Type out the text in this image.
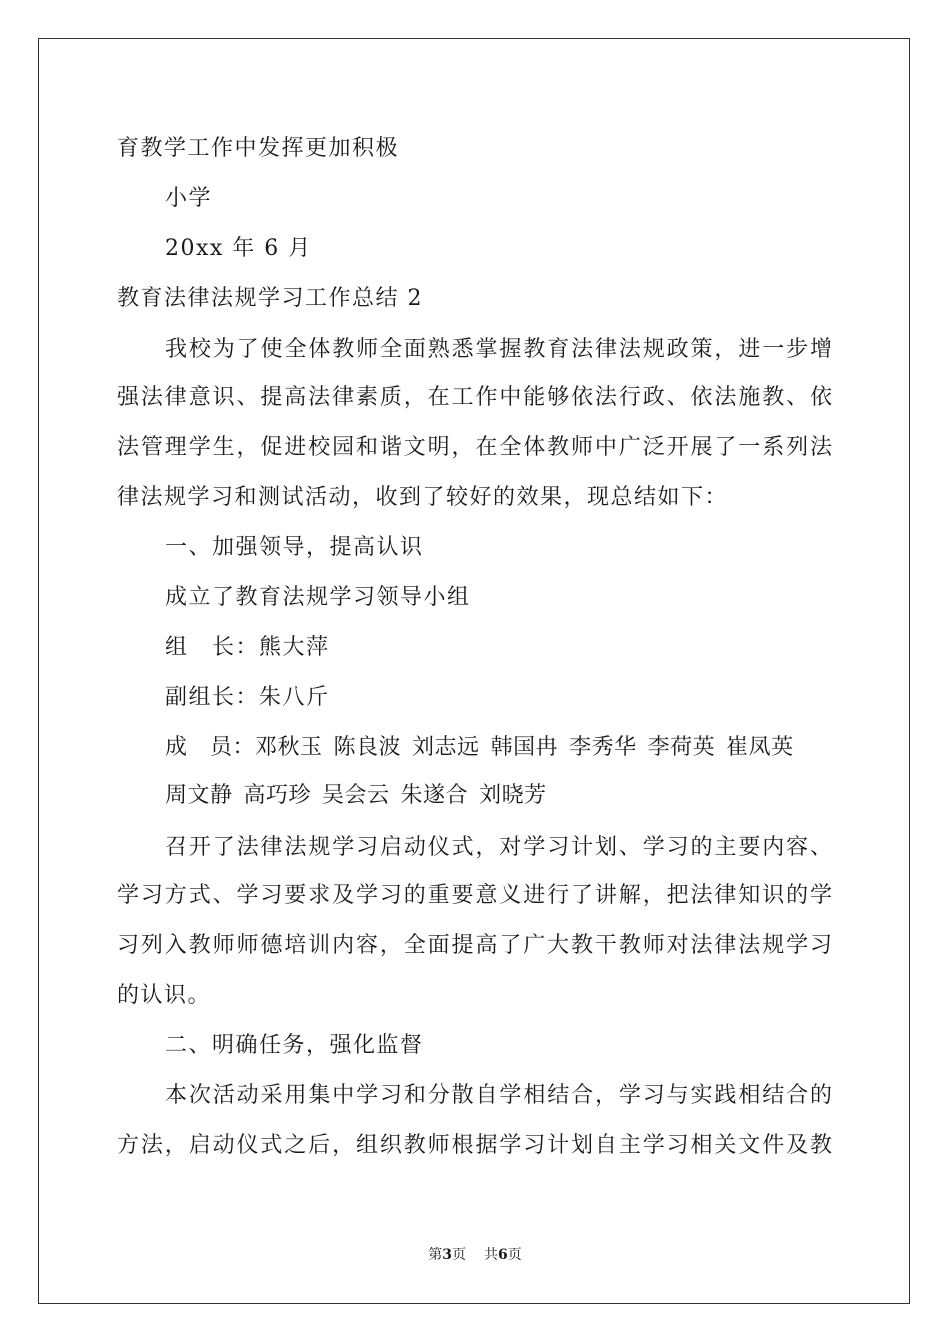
育教学工作中发挥更加积极
小学
20xx 年 6 月
教育法律法规学习工作总结 2
我校为了使全体教师全面熟悉掌握教育法律法规政策，进一步增
强法律意识、提高法律素质，在工作中能够依法行政、依法施教、依
法管理学生，促进校园和谐文明，在全体教师中广泛开展了一系列法
律法规学习和测试活动，收到了较好的效果，现总结如下：
一、加强领导，提高认识
成立了教育法规学习领导小组
组　长：熊大萍
副组长：朱八斤
成　员：邓秋玉 陈良波 刘志远 韩国冉 李秀华 李荷英 崔凤英
周文静 高巧珍 吴会云 朱遂合 刘晓芳
召开了法律法规学习启动仪式，对学习计划、学习的主要内容、
学习方式、学习要求及学习的重要意义进行了讲解，把法律知识的学
习列入教师师德培训内容，全面提高了广大教干教师对法律法规学习
的认识。
二、明确任务，强化监督
本次活动采用集中学习和分散自学相结合，学习与实践相结合的
方法，启动仪式之后，组织教师根据学习计划自主学习相关文件及教
第3页 共6页
